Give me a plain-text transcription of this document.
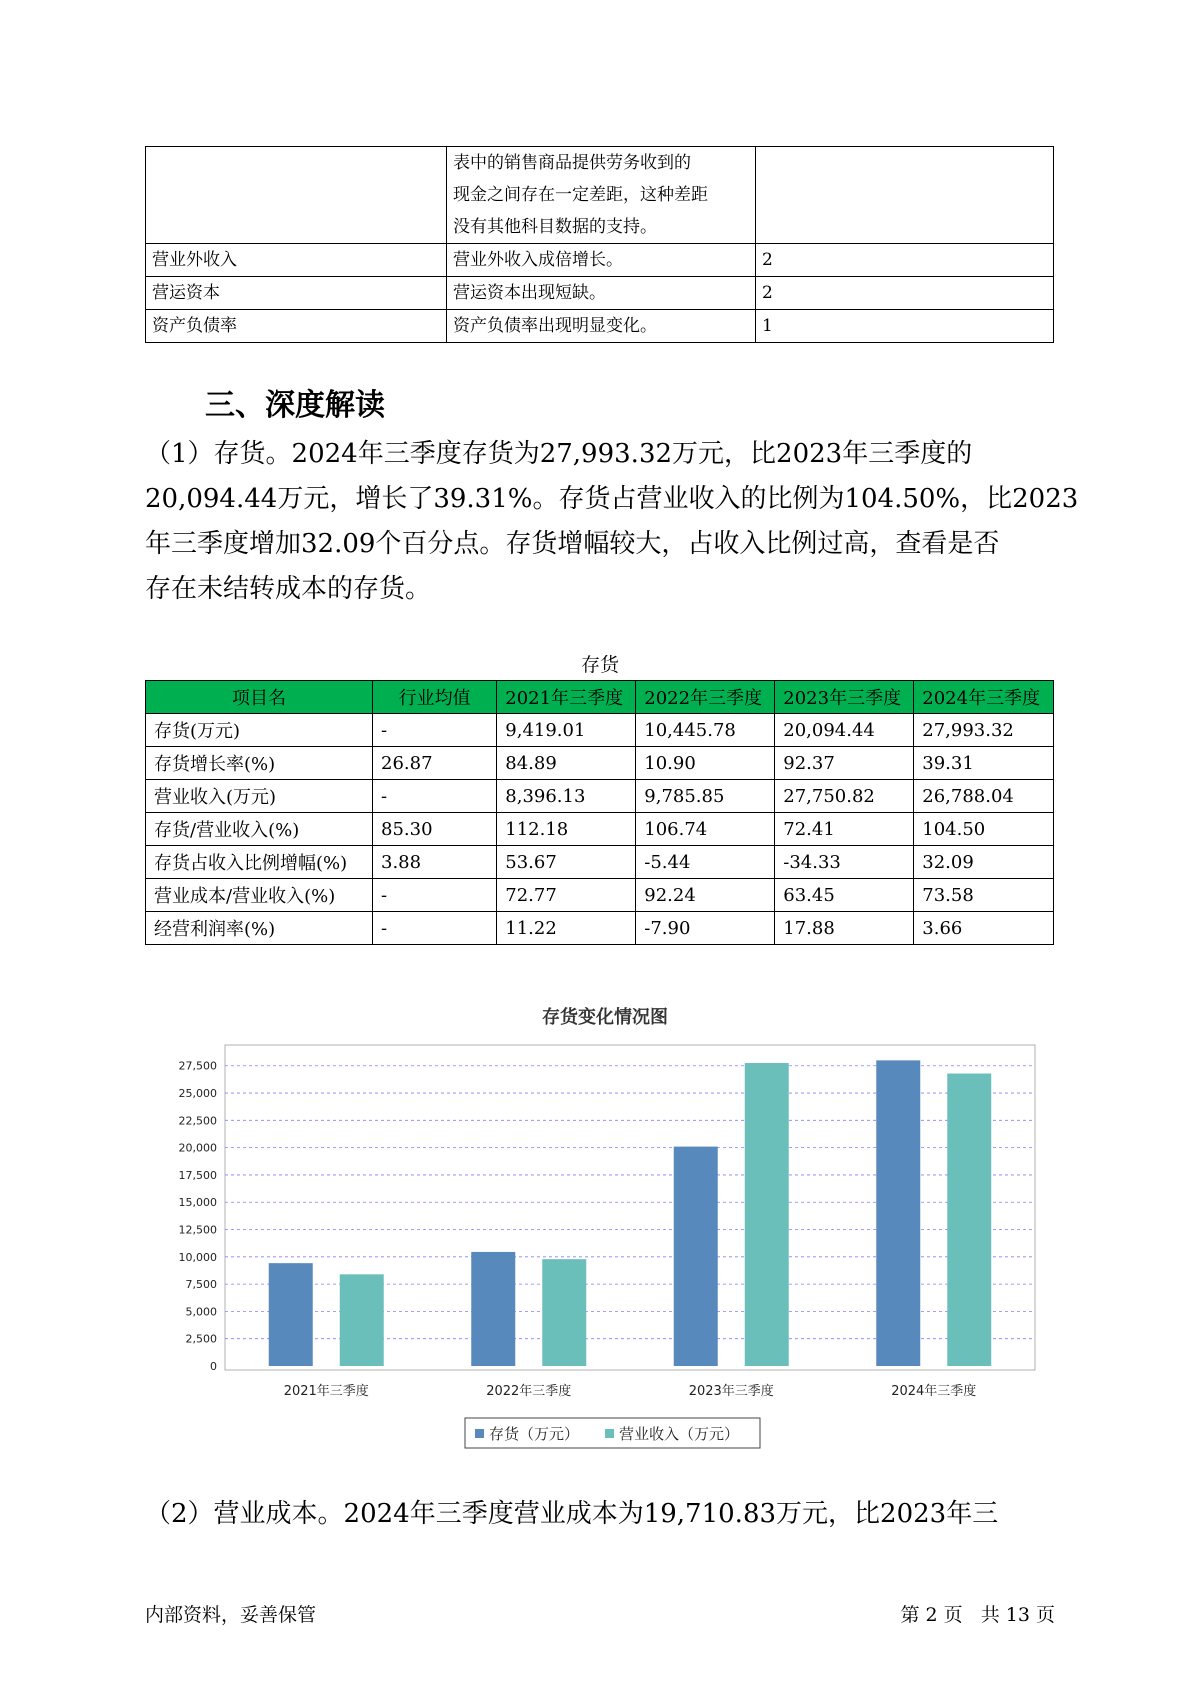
	表中的销售商品提供劳务收到的
现金之间存在一定差距，这种差距
没有其他科目数据的支持。	

营业外收入	营业外收入成倍增长。	2
营运资本	营运资本出现短缺。	2
资产负债率	资产负债率出现明显变化。	1
三、深度解读
（1）存货。2024年三季度存货为27,993.32万元，比2023年三季度的
20,094.44万元，增长了39.31%。存货占营业收入的比例为104.50%，比2023
年三季度增加32.09个百分点。存货增幅较大，占收入比例过高，查看是否
存在未结转成本的存货。
存货
项目名	行业均值	2021年三季度	2022年三季度	2023年三季度	2024年三季度
存货(万元)	-	9,419.01	10,445.78	20,094.44	27,993.32
存货增长率(%)	26.87	84.89	10.90	92.37	39.31
营业收入(万元)	-	8,396.13	9,785.85	27,750.82	26,788.04
存货/营业收入(%)	85.30	112.18	106.74	72.41	104.50
存货占收入比例增幅(%)	3.88	53.67	-5.44	-34.33	32.09
营业成本/营业收入(%)	-	72.77	92.24	63.45	73.58
经营利润率(%)	-	11.22	-7.90	17.88	3.66
存货变化情况图
0
2,500
5,000
7,500
10,000
12,500
15,000
17,500
20,000
22,500
25,000
27,500
2021年三季度	2022年三季度	2023年三季度	2024年三季度
存货（万元）	营业收入（万元）
（2）营业成本。2024年三季度营业成本为19,710.83万元，比2023年三
内部资料，妥善保管	第 2 页   共 13 页
